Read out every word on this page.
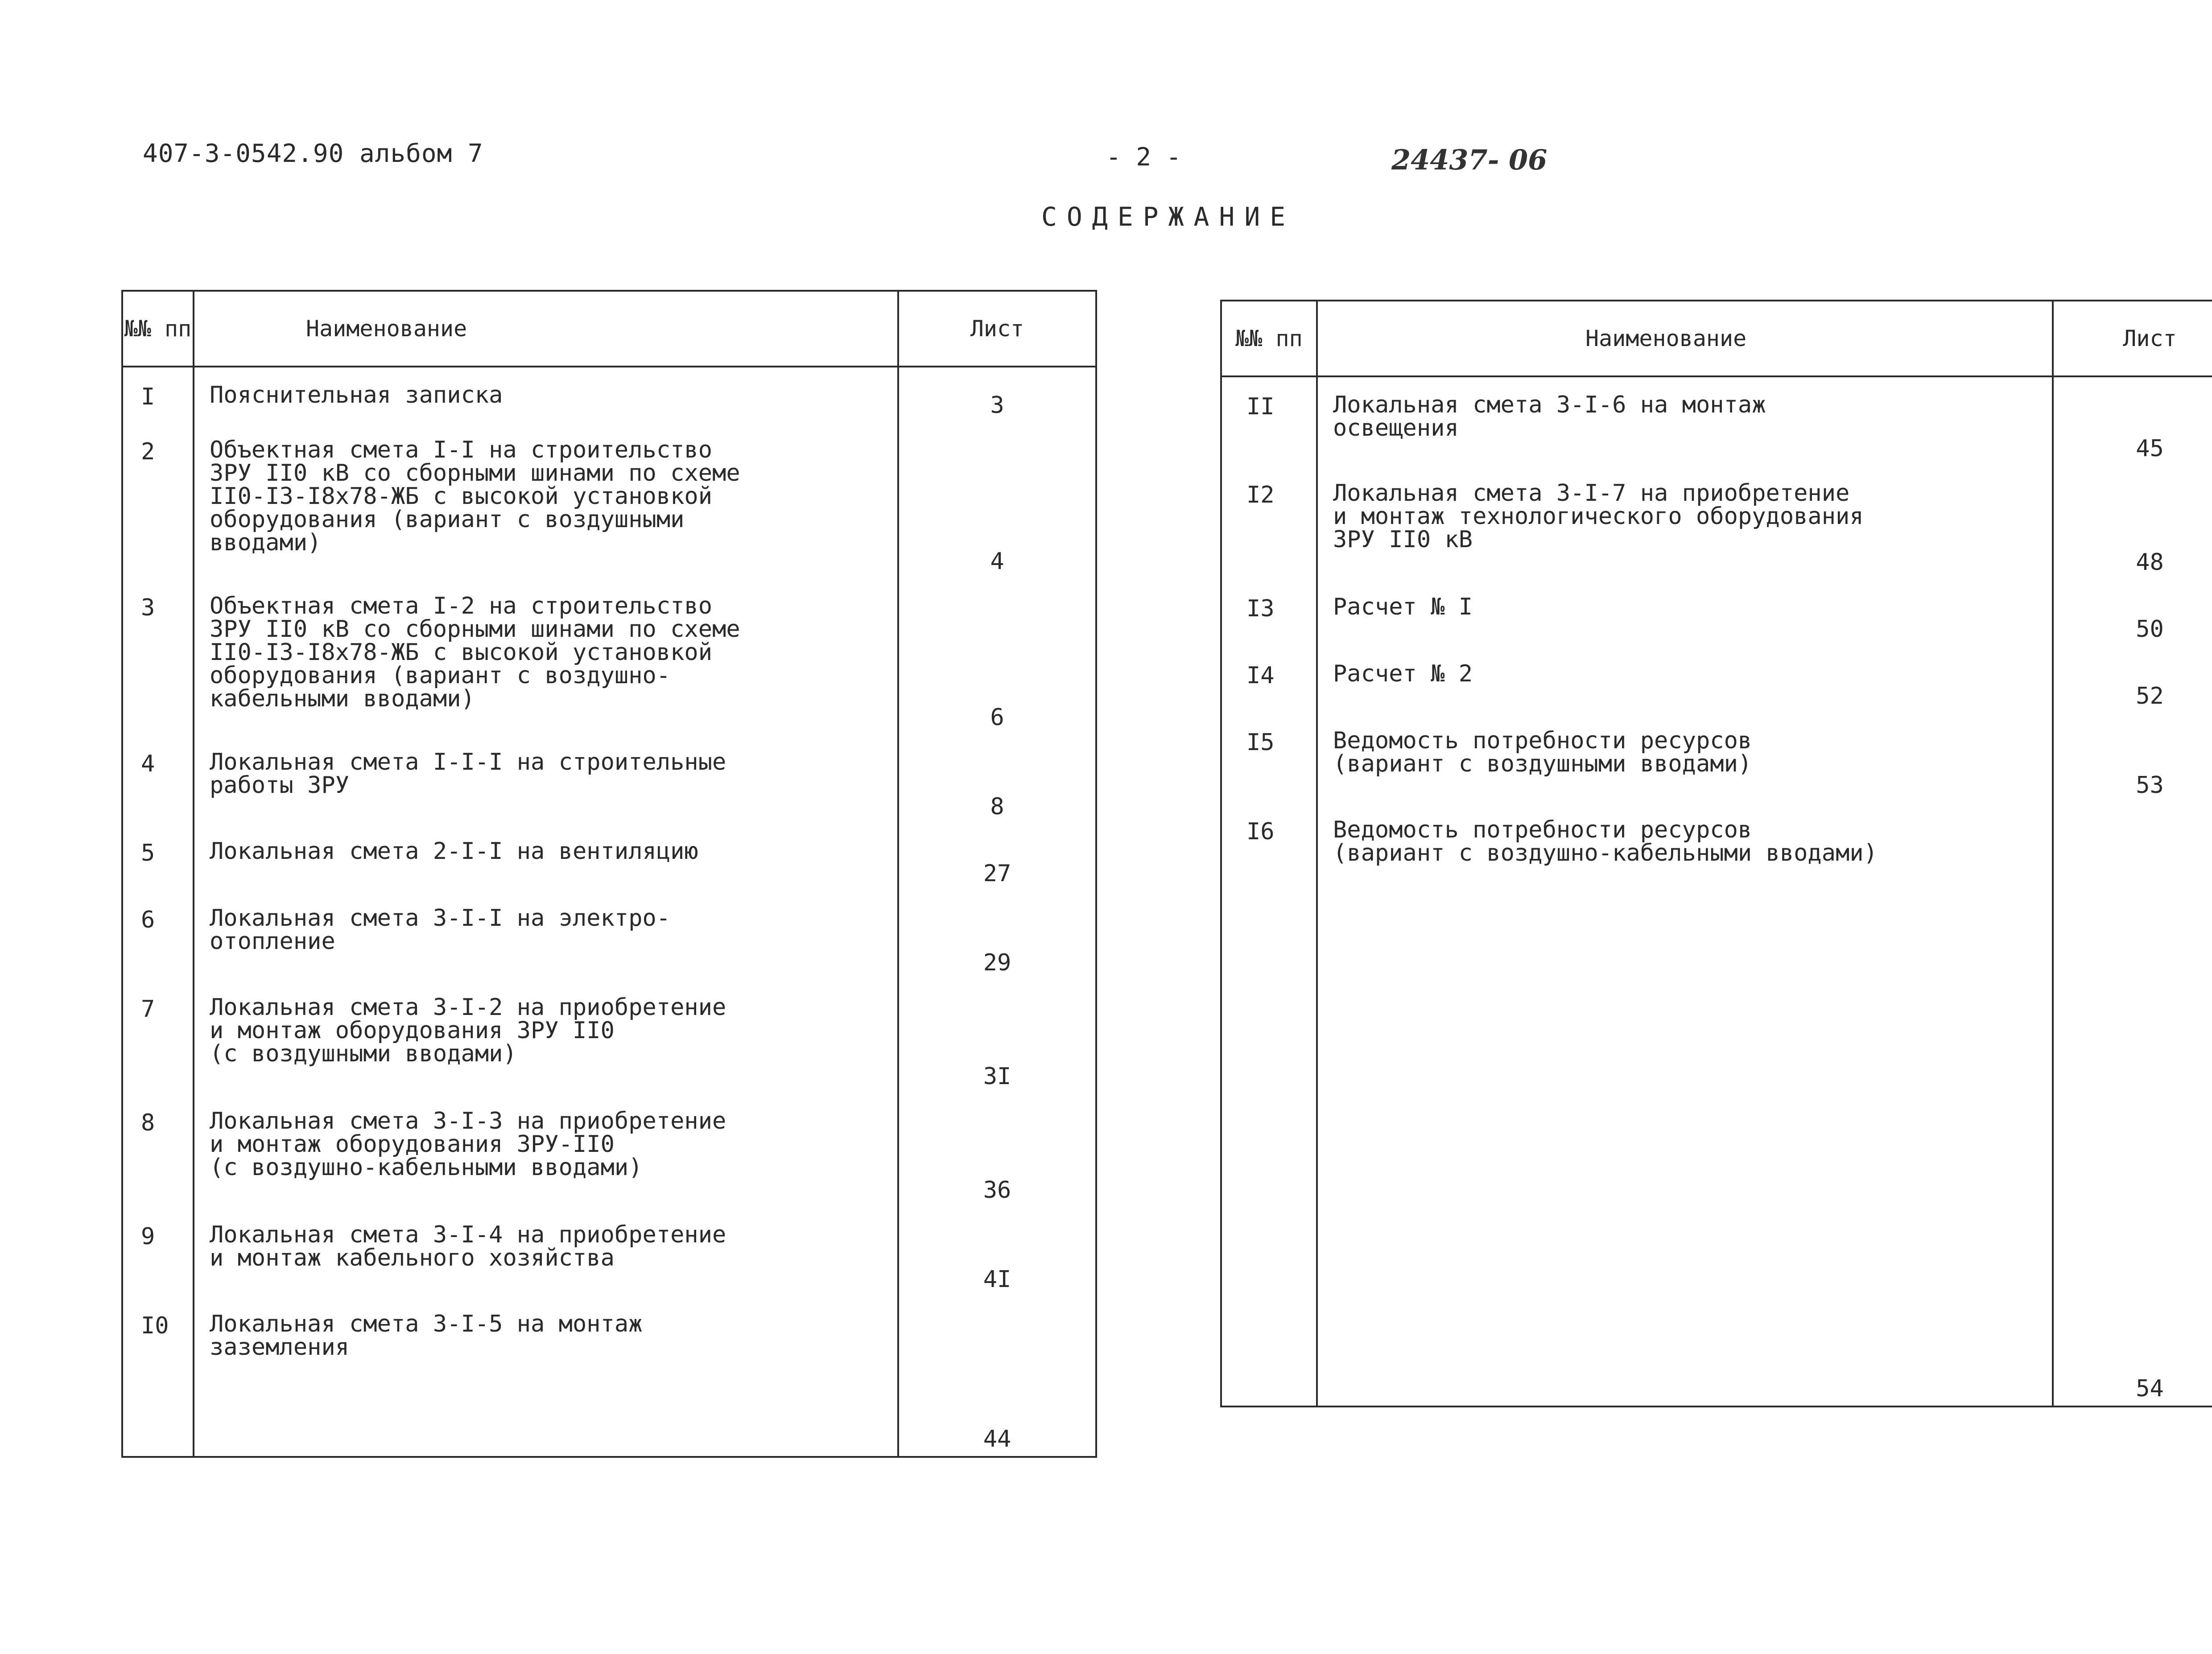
407-3-0542.90 альбом 7	- 2 -	24437- 06
СОДЕРЖАНИЕ
№№ пп	Наименование	Лист
I	Пояснительная записка	3
2	Объектная смета I-I на строительство
ЗРУ II0 кВ со сборными шинами по схеме
II0-I3-I8х78-ЖБ с высокой установкой
оборудования (вариант с воздушными
вводами)	4
3	Объектная смета I-2 на строительство
ЗРУ II0 кВ со сборными шинами по схеме
II0-I3-I8х78-ЖБ с высокой установкой
оборудования (вариант с воздушно-
кабельными вводами)	6
4	Локальная смета I-I-I на строительные
работы ЗРУ	8
5	Локальная смета 2-I-I на вентиляцию	27
6	Локальная смета 3-I-I на электро-
отопление	29
7	Локальная смета 3-I-2 на приобретение
и монтаж оборудования ЗРУ II0
(с воздушными вводами)	3I
8	Локальная смета 3-I-3 на приобретение
и монтаж оборудования ЗРУ-II0
(с воздушно-кабельными вводами)	36
9	Локальная смета 3-I-4 на приобретение
и монтаж кабельного хозяйства	4I
I0	Локальная смета 3-I-5 на монтаж
заземления	44
№№ пп	Наименование	Лист
II	Локальная смета 3-I-6 на монтаж
освещения	45
I2	Локальная смета 3-I-7 на приобретение
и монтаж технологического оборудования
ЗРУ II0 кВ	48
I3	Расчет № I	50
I4	Расчет № 2	52
I5	Ведомость потребности ресурсов
(вариант с воздушными вводами)	53
I6	Ведомость потребности ресурсов
(вариант с воздушно-кабельными вводами)	54
